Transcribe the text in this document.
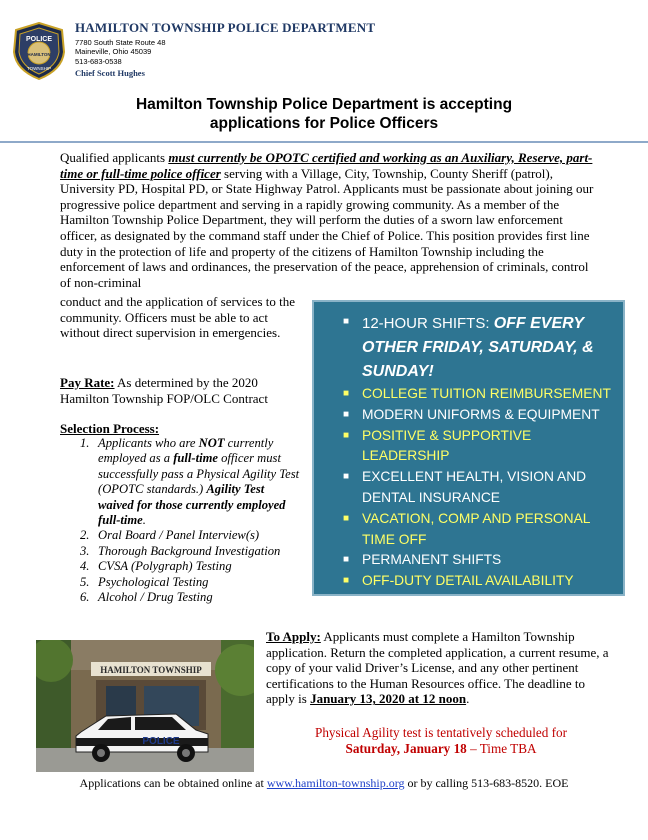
POLICE
HAMILTON
TOWNSHIP
HAMILTON TOWNSHIP POLICE DEPARTMENT
7780 South State Route 48
Maineville, Ohio 45039
513-683-0538
Chief Scott Hughes
Hamilton Township Police Department is accepting
applications for Police Officers
Qualified applicants must currently be OPOTC certified and working as an Auxiliary, Reserve, part-time or full-time police officer serving with a Village, City, Township, County Sheriff (patrol), University PD, Hospital PD, or State Highway Patrol. Applicants must be passionate about joining our progressive police department and serving in a rapidly growing community. As a member of the Hamilton Township Police Department, they will perform the duties of a sworn law enforcement officer, as designated by the command staff under the Chief of Police. This position provides first line duty in the protection of life and property of the citizens of Hamilton Township including the enforcement of laws and ordinances, the preservation of the peace, apprehension of criminals, control of non-criminal
conduct and the application of services to the community. Officers must be able to act without direct supervision in emergencies.
Pay Rate: As determined by the 2020 Hamilton Township FOP/OLC Contract
Selection Process:
1. Applicants who are NOT currently employed as a full-time officer must successfully pass a Physical Agility Test (OPOTC standards.) Agility Test waived for those currently employed full-time.
2. Oral Board / Panel Interview(s)
3. Thorough Background Investigation
4. CVSA (Polygraph) Testing
5. Psychological Testing
6. Alcohol / Drug Testing
■ 12-HOUR SHIFTS: OFF EVERY OTHER FRIDAY, SATURDAY, & SUNDAY!
■ COLLEGE TUITION REIMBURSEMENT
■ MODERN UNIFORMS & EQUIPMENT
■ POSITIVE & SUPPORTIVE LEADERSHIP
■ EXCELLENT HEALTH, VISION AND DENTAL INSURANCE
■ VACATION, COMP AND PERSONAL TIME OFF
■ PERMANENT SHIFTS
■ OFF-DUTY DETAIL AVAILABILITY
HAMILTON TOWNSHIP
POLICE
To Apply: Applicants must complete a Hamilton Township application. Return the completed application, a current resume, a copy of your valid Driver’s License, and any other pertinent certifications to the Human Resources office. The deadline to apply is January 13, 2020 at 12 noon.
Physical Agility test is tentatively scheduled for
Saturday, January 18 – Time TBA
Applications can be obtained online at www.hamilton-township.org or by calling 513-683-8520. EOE
